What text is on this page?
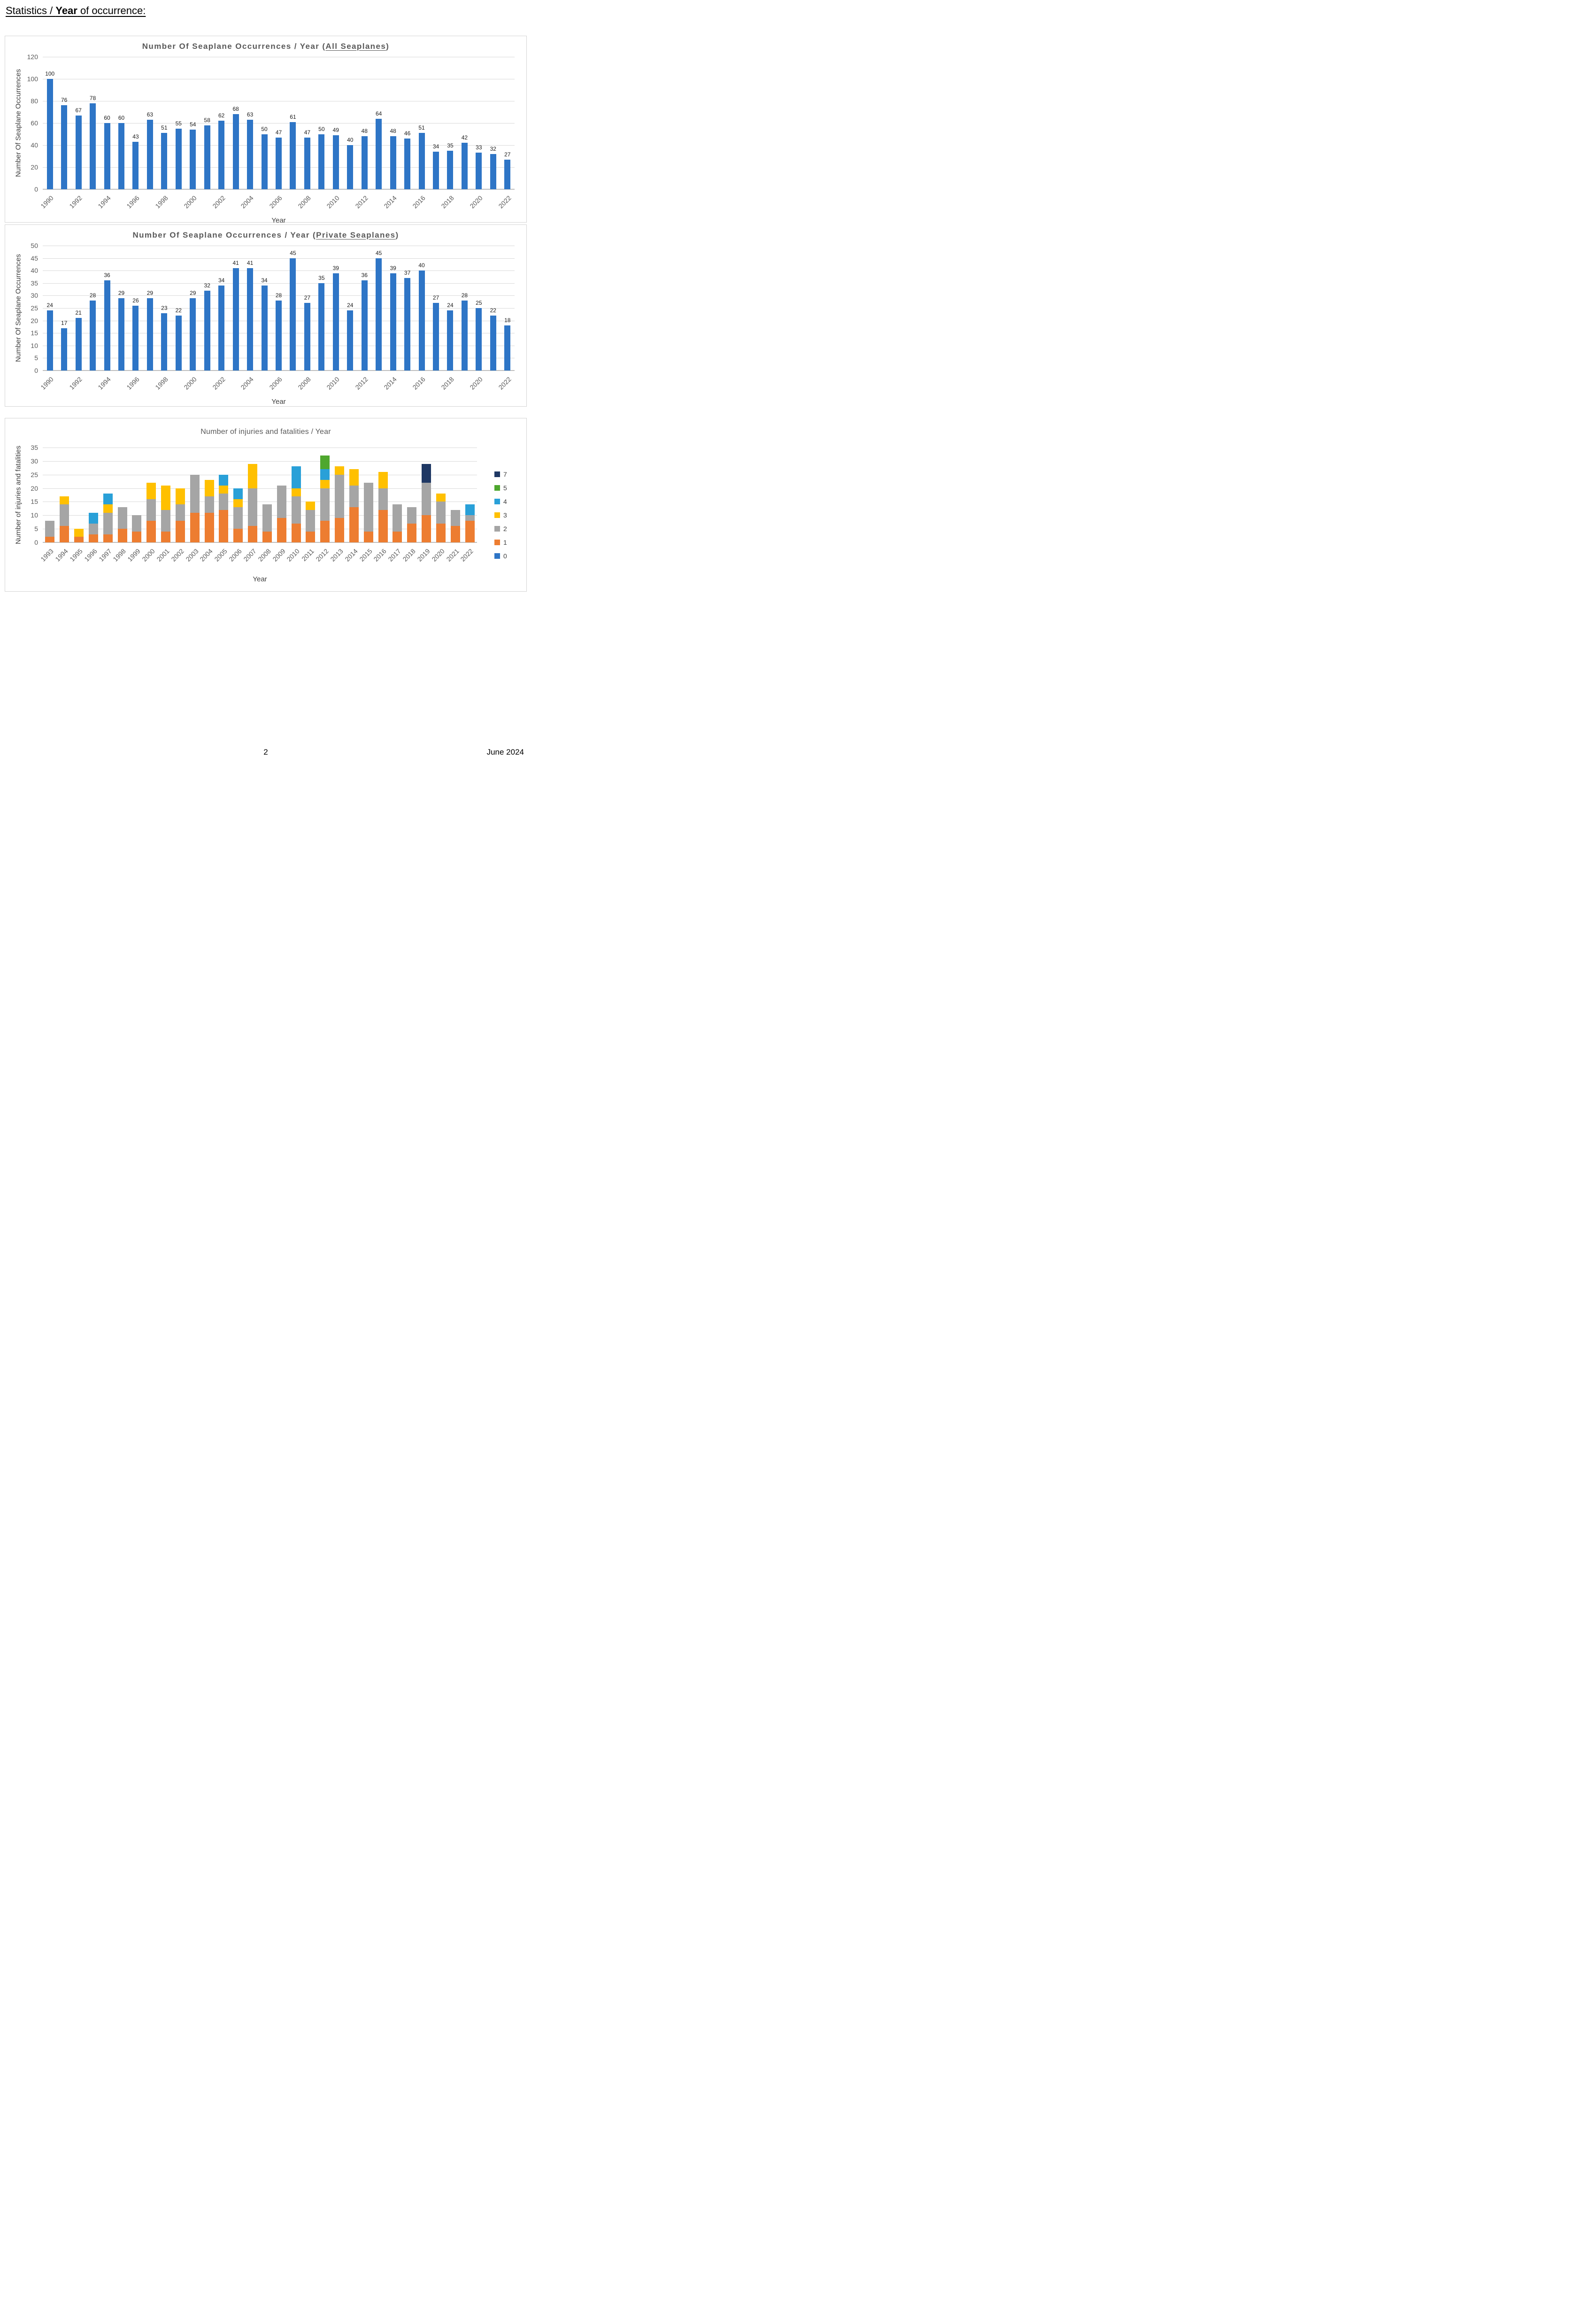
Statistics / Year of occurrence:
Number Of Seaplane Occurrences / Year (All Seaplanes)
Number Of Seaplane Occurrences
0
20
40
60
80
100
120
100
1990
76
67
1992
78
60
1994
60
43
1996
63
51
1998
55 54
2000
58
62
2002
68
63
2004
50
47
2006
61
47
2008
50 49
2010
40
48
2012
64
48
2014
46
51
2016
34 35
2018
42
33
2020
32
27
2022
Year
Number Of Seaplane Occurrences / Year (Private Seaplanes)
Number Of Seaplane Occurrences
0
5
10
15
20
25
30
35
40
45
50
24
1990
17
21
1992
28
36
1994
29
26
1996
29
23
1998
22
29
2000
32
34
2002
41 41
2004
34
28
2006
45
27
2008
35
39
2010
24
36
2012
45
39
2014
37
40
2016
27
24
2018
28
25
2020
22
18
2022
Year
Number of injuries and fatalities / Year
Number of injuries and fatalities 0
5
10
15
20
25
30
35
1993
1994
1995
1996
1997
1998
1999
2000
2001
2002
2003
2004
2005
2006
2007
2008
2009
2010
2011
2012
2013
2014
2015
2016
2017
2018
2019
2020
2021
2022
Year
7
5
4
3
2
1
0
2	June 2024
